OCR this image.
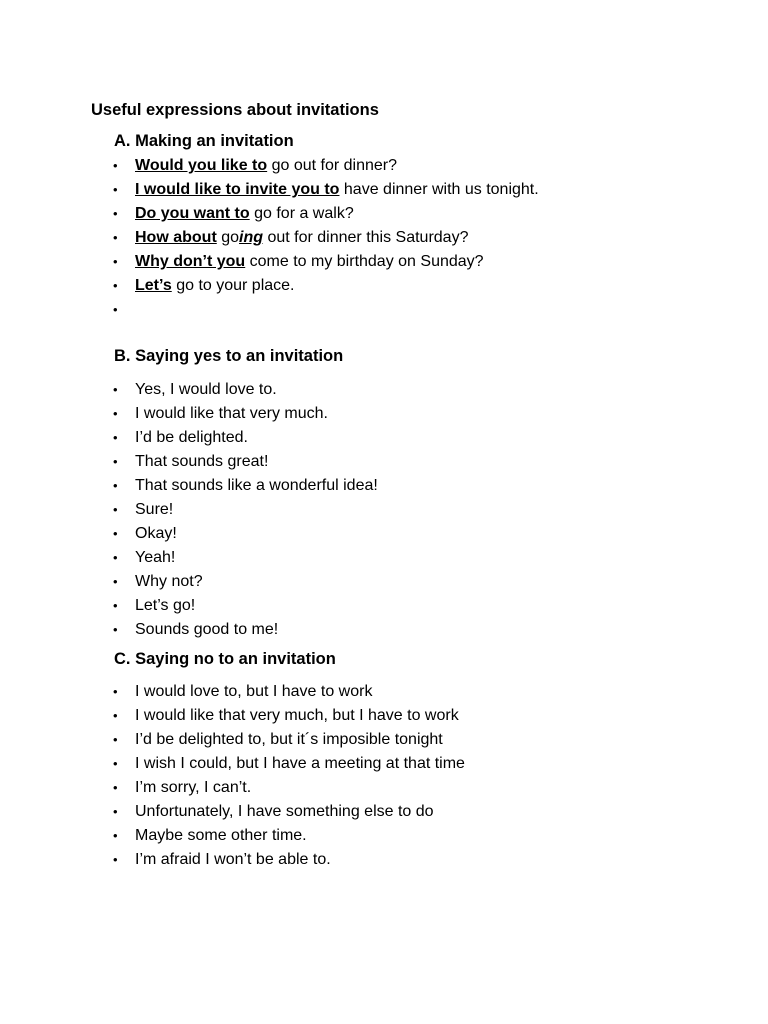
Useful expressions about invitations
A. Making an invitation
• Would you like to go out for dinner?
• I would like to invite you to have dinner with us tonight.
• Do you want to go for a walk?
• How about going out for dinner this Saturday?
• Why don’t you come to my birthday on Sunday?
• Let’s go to your place.
•
B. Saying yes to an invitation
• Yes, I would love to.
• I would like that very much.
• I’d be delighted.
• That sounds great!
• That sounds like a wonderful idea!
• Sure!
• Okay!
• Yeah!
• Why not?
• Let’s go!
• Sounds good to me!
C. Saying no to an invitation
• I would love to, but I have to work
• I would like that very much, but I have to work
• I’d be delighted to, but it´s imposible tonight
• I wish I could, but I have a meeting at that time
• I’m sorry, I can’t.
• Unfortunately, I have something else to do
• Maybe some other time.
• I’m afraid I won’t be able to.
